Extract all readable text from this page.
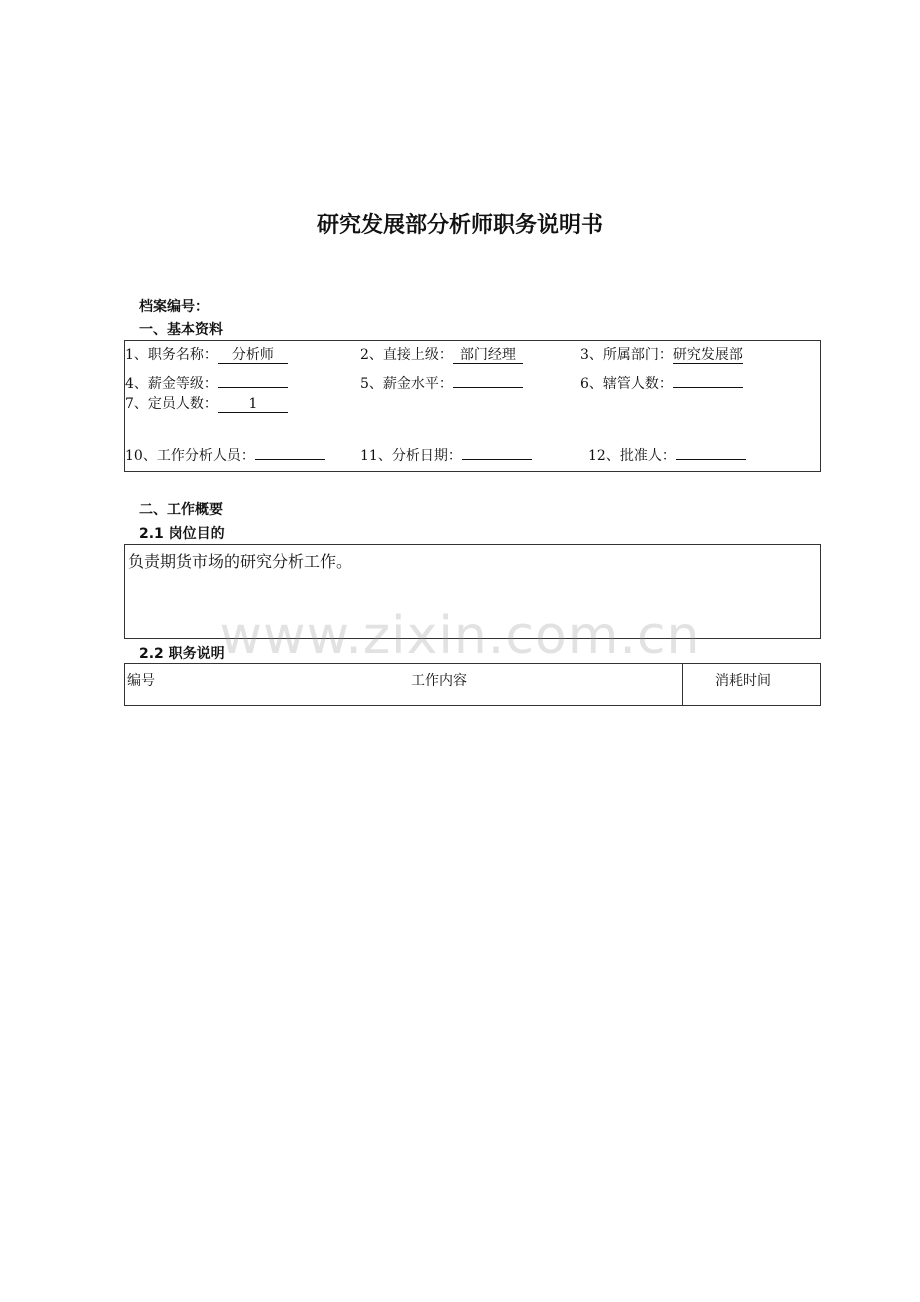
研究发展部分析师职务说明书
档案编号：
一、基本资料
1、职务名称： 分析师	2、直接上级： 部门经理	3、所属部门：研究发展部
4、薪金等级：	5、薪金水平：	6、辖管人数：
7、定员人数： 1
10、工作分析人员：	11、分析日期：	12、批准人：
二、工作概要
2.1 岗位目的
负责期货市场的研究分析工作。
2.2 职务说明
编号	工作内容	消耗时间
www.zixin.com.cn
